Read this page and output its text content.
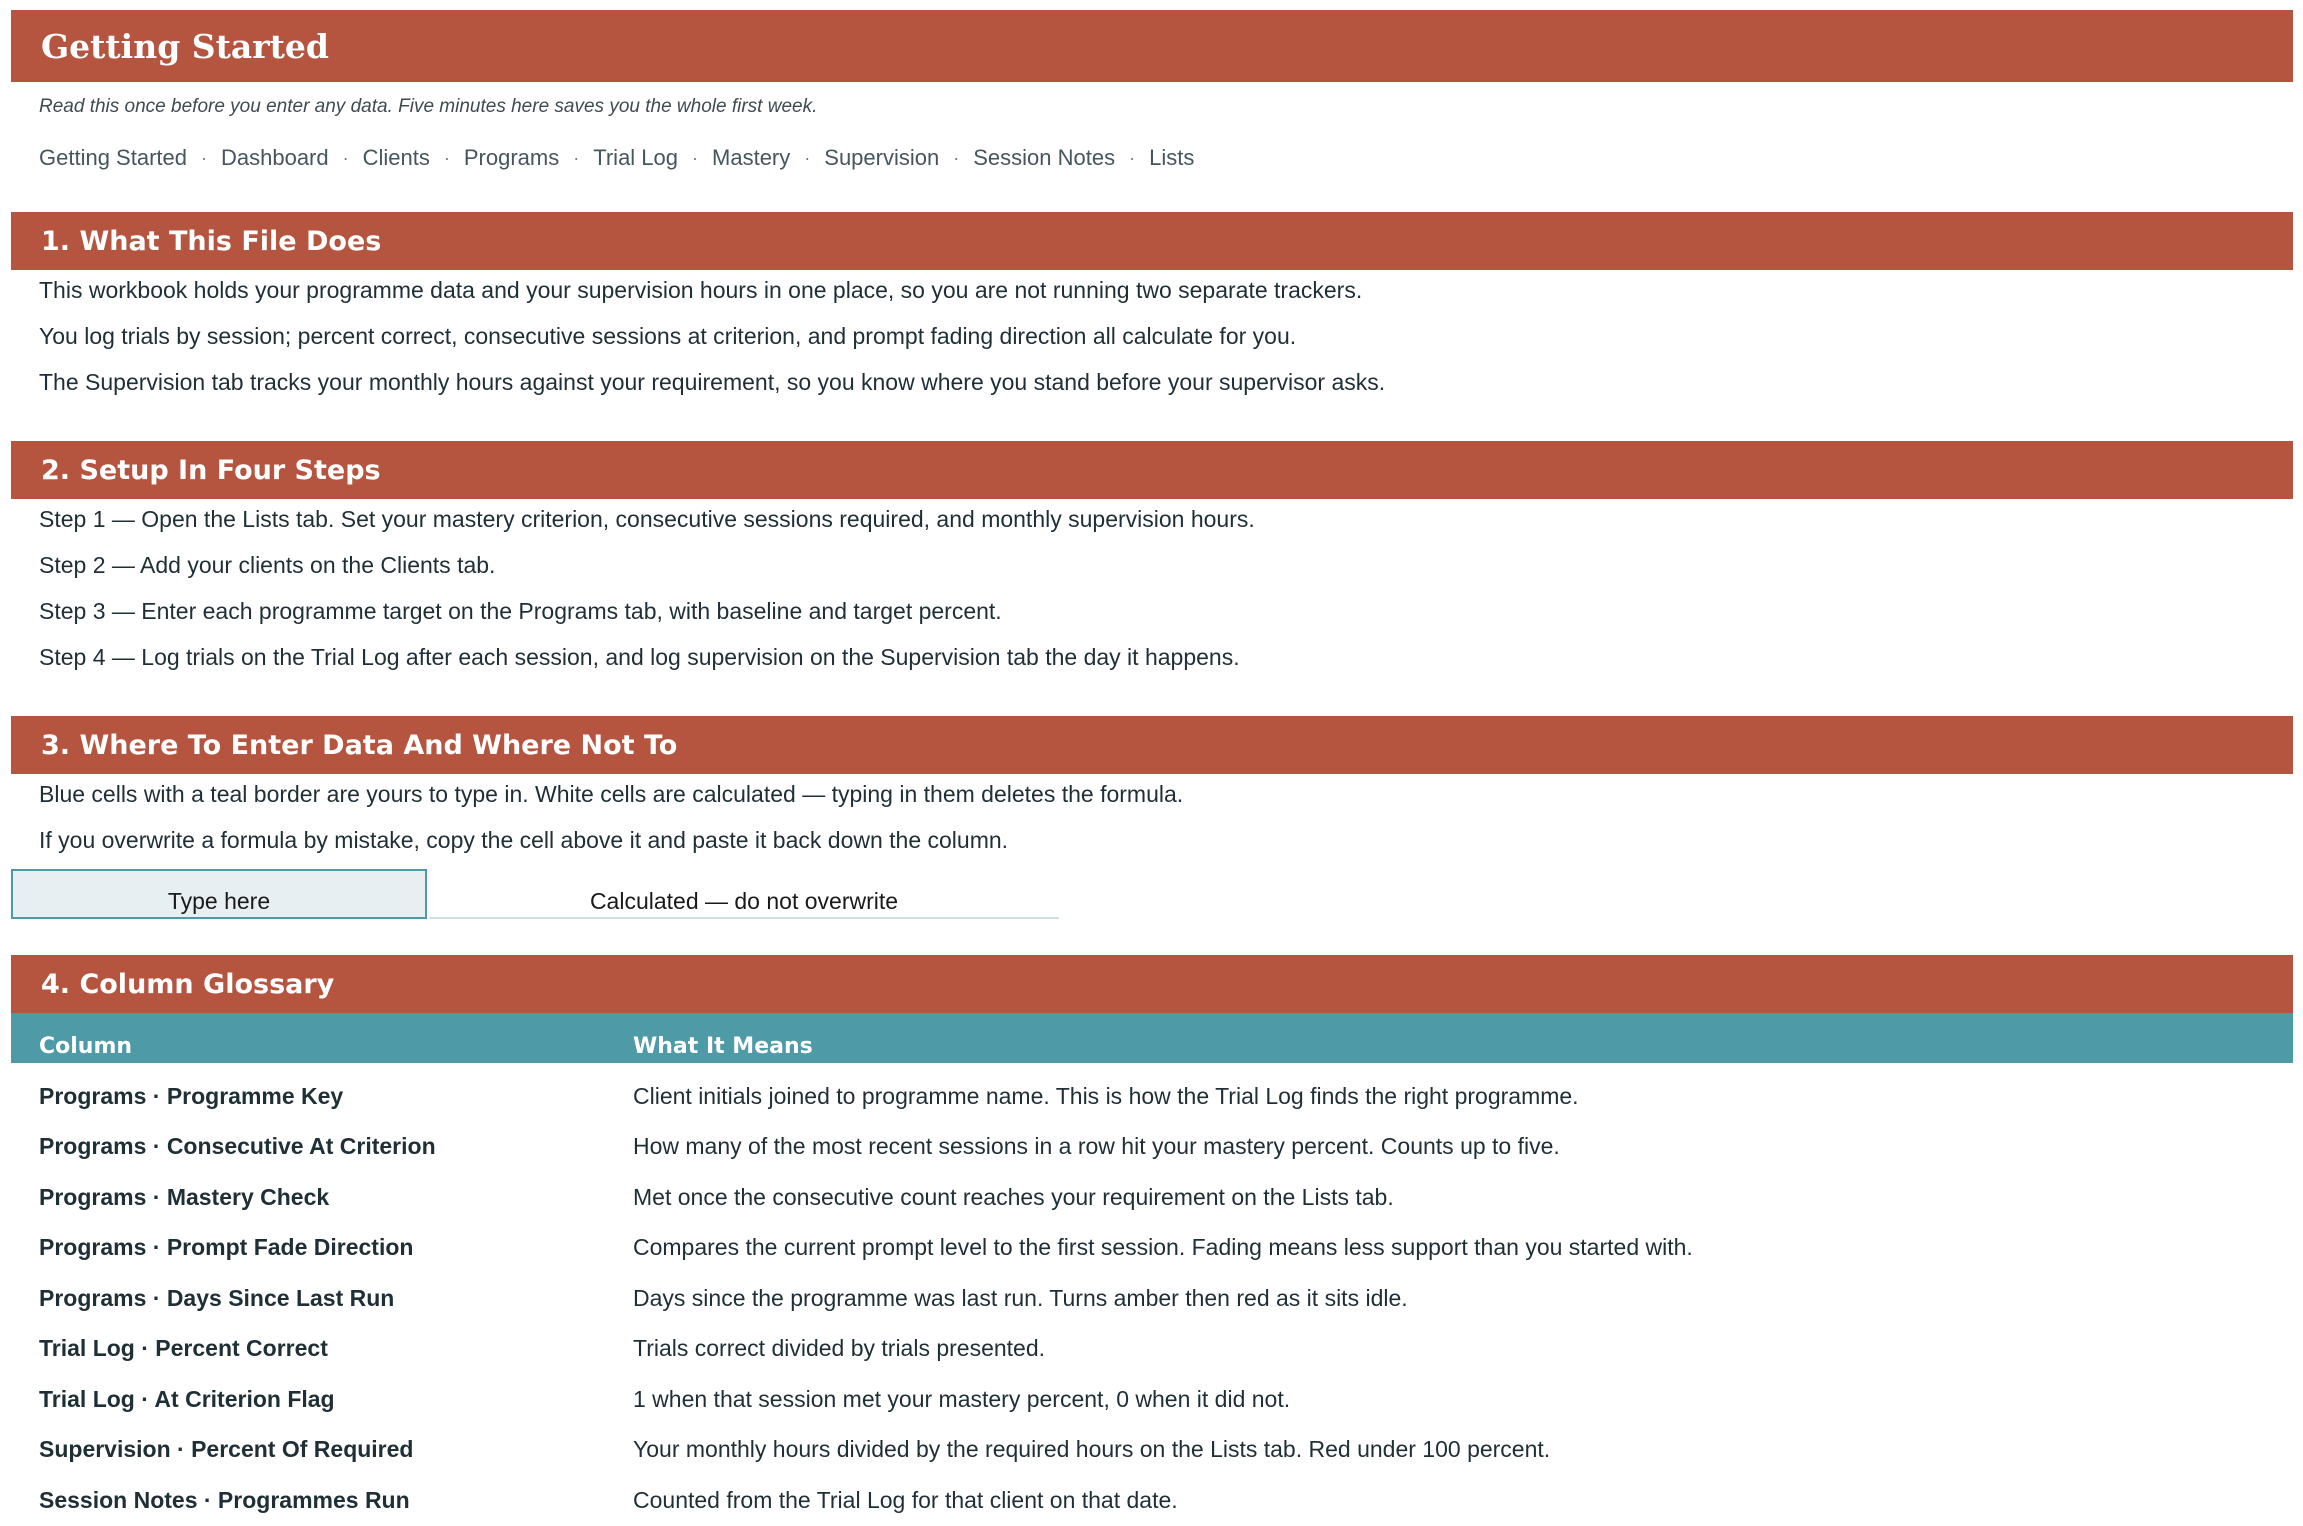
Getting Started

Read this once before you enter any data. Five minutes here saves you the whole first week.

Getting Started · Dashboard · Clients · Programs · Trial Log · Mastery · Supervision · Session Notes · Lists
1. What This File Does
This workbook holds your programme data and your supervision hours in one place, so you are not running two separate trackers.
You log trials by session; percent correct, consecutive sessions at criterion, and prompt fading direction all calculate for you.
The Supervision tab tracks your monthly hours against your requirement, so you know where you stand before your supervisor asks.
2. Setup In Four Steps
Step 1 — Open the Lists tab. Set your mastery criterion, consecutive sessions required, and monthly supervision hours.
Step 2 — Add your clients on the Clients tab.
Step 3 — Enter each programme target on the Programs tab, with baseline and target percent.
Step 4 — Log trials on the Trial Log after each session, and log supervision on the Supervision tab the day it happens.
3. Where To Enter Data And Where Not To
Blue cells with a teal border are yours to type in. White cells are calculated — typing in them deletes the formula.
If you overwrite a formula by mistake, copy the cell above it and paste it back down the column.
Type here	Calculated — do not overwrite
4. Column Glossary
Column	What It Means
Programs · Programme Key	Client initials joined to programme name. This is how the Trial Log finds the right programme.
Programs · Consecutive At Criterion	How many of the most recent sessions in a row hit your mastery percent. Counts up to five.
Programs · Mastery Check	Met once the consecutive count reaches your requirement on the Lists tab.
Programs · Prompt Fade Direction	Compares the current prompt level to the first session. Fading means less support than you started with.
Programs · Days Since Last Run	Days since the programme was last run. Turns amber then red as it sits idle.
Trial Log · Percent Correct	Trials correct divided by trials presented.
Trial Log · At Criterion Flag	1 when that session met your mastery percent, 0 when it did not.
Supervision · Percent Of Required	Your monthly hours divided by the required hours on the Lists tab. Red under 100 percent.
Session Notes · Programmes Run	Counted from the Trial Log for that client on that date.
